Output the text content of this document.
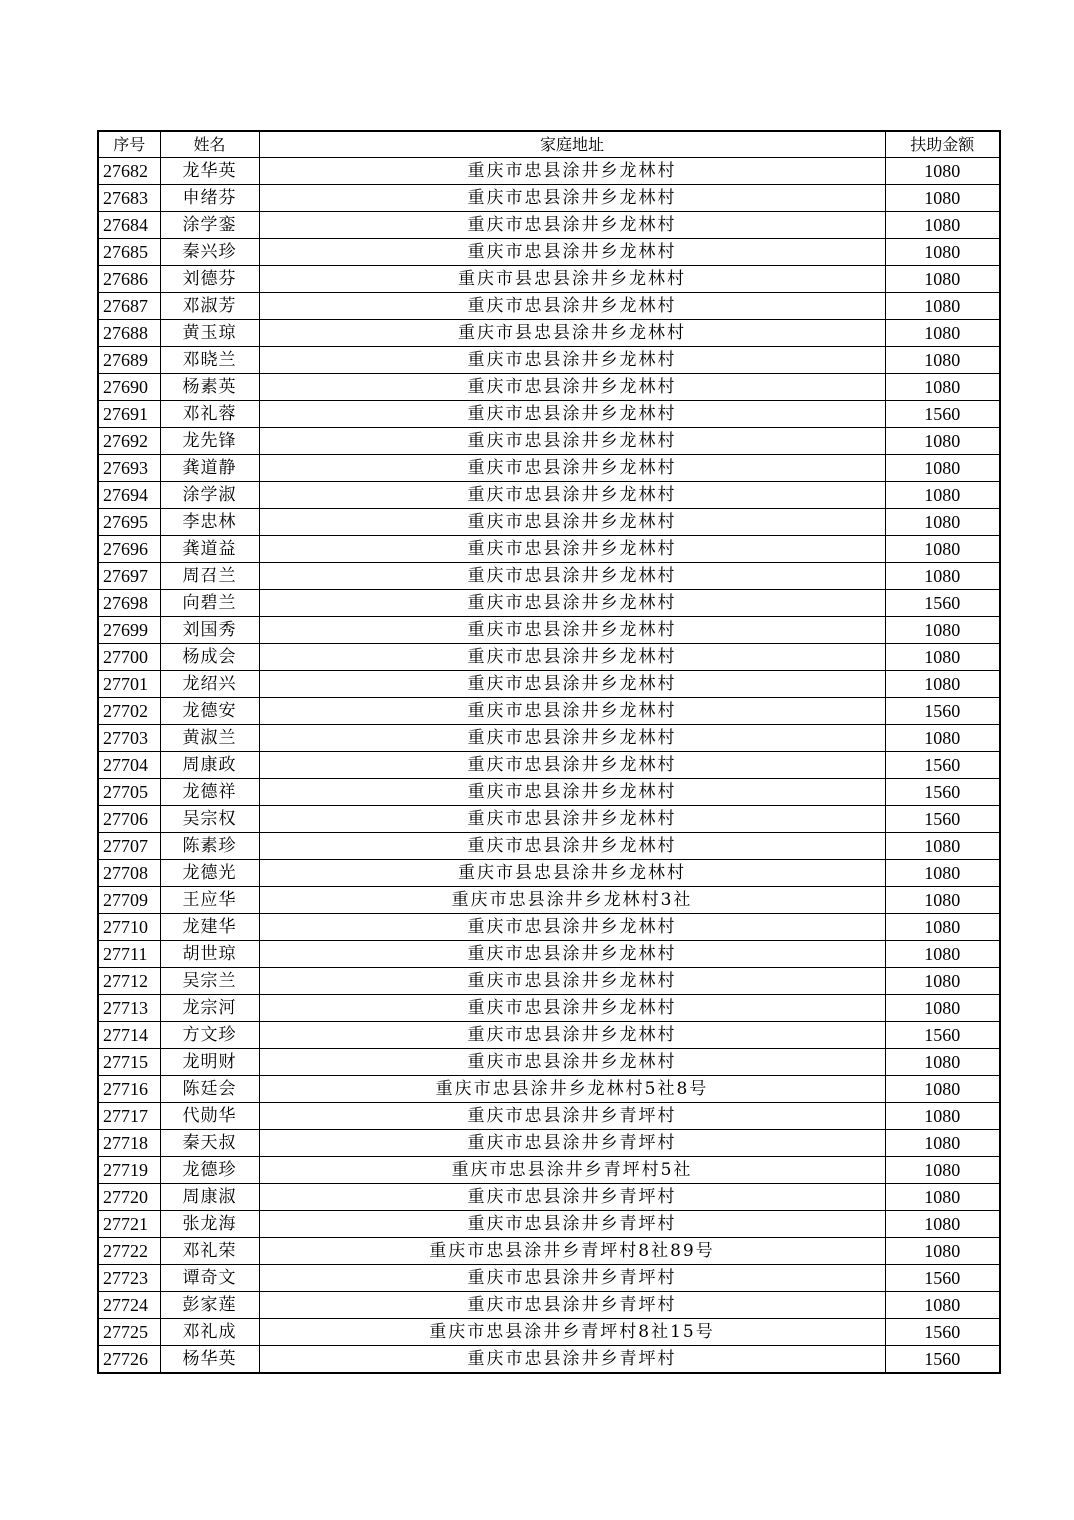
序号	姓名	家庭地址	扶助金额
27682	龙华英	重庆市忠县涂井乡龙林村	1080
27683	申绪芬	重庆市忠县涂井乡龙林村	1080
27684	涂学銮	重庆市忠县涂井乡龙林村	1080
27685	秦兴珍	重庆市忠县涂井乡龙林村	1080
27686	刘德芬	重庆市县忠县涂井乡龙林村	1080
27687	邓淑芳	重庆市忠县涂井乡龙林村	1080
27688	黄玉琼	重庆市县忠县涂井乡龙林村	1080
27689	邓晓兰	重庆市忠县涂井乡龙林村	1080
27690	杨素英	重庆市忠县涂井乡龙林村	1080
27691	邓礼蓉	重庆市忠县涂井乡龙林村	1560
27692	龙先锋	重庆市忠县涂井乡龙林村	1080
27693	龚道静	重庆市忠县涂井乡龙林村	1080
27694	涂学淑	重庆市忠县涂井乡龙林村	1080
27695	李忠林	重庆市忠县涂井乡龙林村	1080
27696	龚道益	重庆市忠县涂井乡龙林村	1080
27697	周召兰	重庆市忠县涂井乡龙林村	1080
27698	向碧兰	重庆市忠县涂井乡龙林村	1560
27699	刘国秀	重庆市忠县涂井乡龙林村	1080
27700	杨成会	重庆市忠县涂井乡龙林村	1080
27701	龙绍兴	重庆市忠县涂井乡龙林村	1080
27702	龙德安	重庆市忠县涂井乡龙林村	1560
27703	黄淑兰	重庆市忠县涂井乡龙林村	1080
27704	周康政	重庆市忠县涂井乡龙林村	1560
27705	龙德祥	重庆市忠县涂井乡龙林村	1560
27706	吴宗权	重庆市忠县涂井乡龙林村	1560
27707	陈素珍	重庆市忠县涂井乡龙林村	1080
27708	龙德光	重庆市县忠县涂井乡龙林村	1080
27709	王应华	重庆市忠县涂井乡龙林村3社	1080
27710	龙建华	重庆市忠县涂井乡龙林村	1080
27711	胡世琼	重庆市忠县涂井乡龙林村	1080
27712	吴宗兰	重庆市忠县涂井乡龙林村	1080
27713	龙宗河	重庆市忠县涂井乡龙林村	1080
27714	方文珍	重庆市忠县涂井乡龙林村	1560
27715	龙明财	重庆市忠县涂井乡龙林村	1080
27716	陈廷会	重庆市忠县涂井乡龙林村5社8号	1080
27717	代勋华	重庆市忠县涂井乡青坪村	1080
27718	秦天叔	重庆市忠县涂井乡青坪村	1080
27719	龙德珍	重庆市忠县涂井乡青坪村5社	1080
27720	周康淑	重庆市忠县涂井乡青坪村	1080
27721	张龙海	重庆市忠县涂井乡青坪村	1080
27722	邓礼荣	重庆市忠县涂井乡青坪村8社89号	1080
27723	谭奇文	重庆市忠县涂井乡青坪村	1560
27724	彭家莲	重庆市忠县涂井乡青坪村	1080
27725	邓礼成	重庆市忠县涂井乡青坪村8社15号	1560
27726	杨华英	重庆市忠县涂井乡青坪村	1560
